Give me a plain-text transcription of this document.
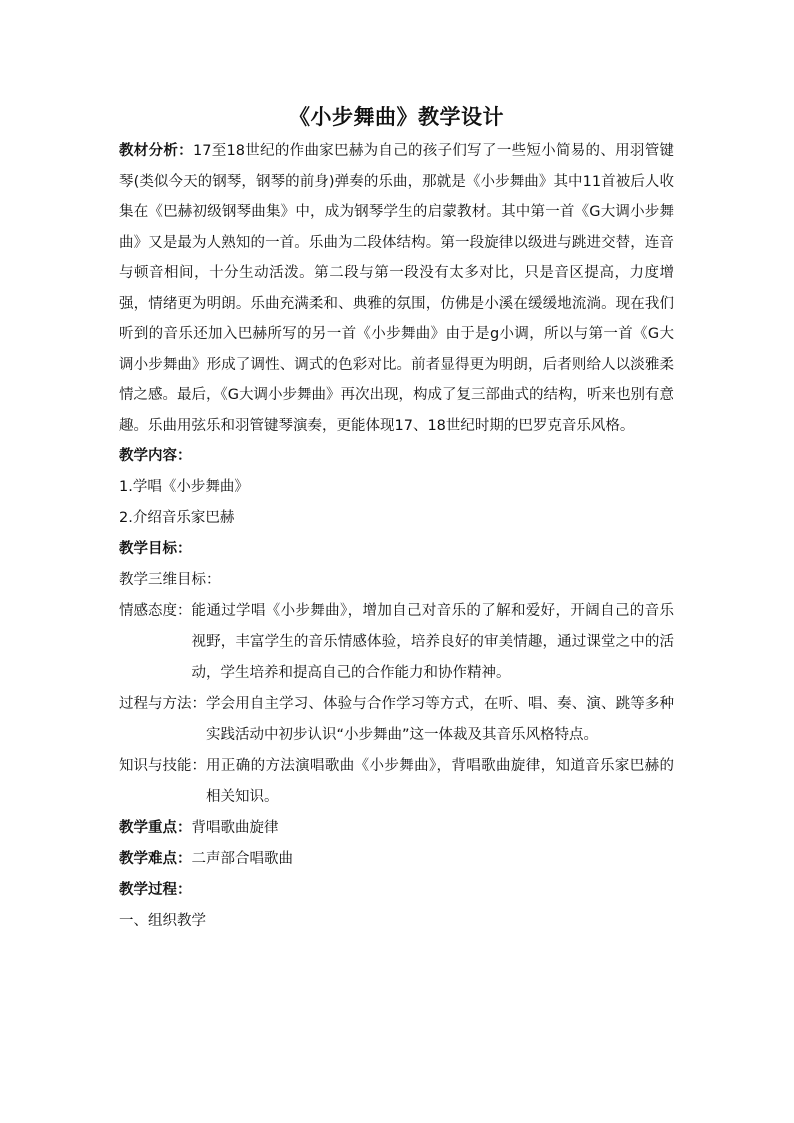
《小步舞曲》教学设计

教材分析：17至18世纪的作曲家巴赫为自己的孩子们写了一些短小简易的、用羽管键琴(类似今天的钢琴，钢琴的前身)弹奏的乐曲，那就是《小步舞曲》其中11首被后人收集在《巴赫初级钢琴曲集》中，成为钢琴学生的启蒙教材。其中第一首《G大调小步舞曲》又是最为人熟知的一首。乐曲为二段体结构。第一段旋律以级进与跳进交替，连音与顿音相间，十分生动活泼。第二段与第一段没有太多对比，只是音区提高，力度增强，情绪更为明朗。乐曲充满柔和、典雅的氛围，仿佛是小溪在缓缓地流淌。现在我们听到的音乐还加入巴赫所写的另一首《小步舞曲》由于是g小调，所以与第一首《G大调小步舞曲》形成了调性、调式的色彩对比。前者显得更为明朗，后者则给人以淡雅柔情之感。最后，《G大调小步舞曲》再次出现，构成了复三部曲式的结构，听来也别有意趣。乐曲用弦乐和羽管键琴演奏，更能体现17、18世纪时期的巴罗克音乐风格。

教学内容：

1.学唱《小步舞曲》

2.介绍音乐家巴赫

教学目标：

教学三维目标：

情感态度： 能通过学唱《小步舞曲》，增加自己对音乐的了解和爱好，开阔自己的音乐视野，丰富学生的音乐情感体验，培养良好的审美情趣，通过课堂之中的活动，学生培养和提高自己的合作能力和协作精神。
过程与方法： 学会用自主学习、体验与合作学习等方式，在听、唱、奏、演、跳等多种实践活动中初步认识“小步舞曲”这一体裁及其音乐风格特点。
知识与技能： 用正确的方法演唱歌曲《小步舞曲》，背唱歌曲旋律，知道音乐家巴赫的相关知识。

教学重点：背唱歌曲旋律

教学难点：二声部合唱歌曲

教学过程：

一、组织教学
